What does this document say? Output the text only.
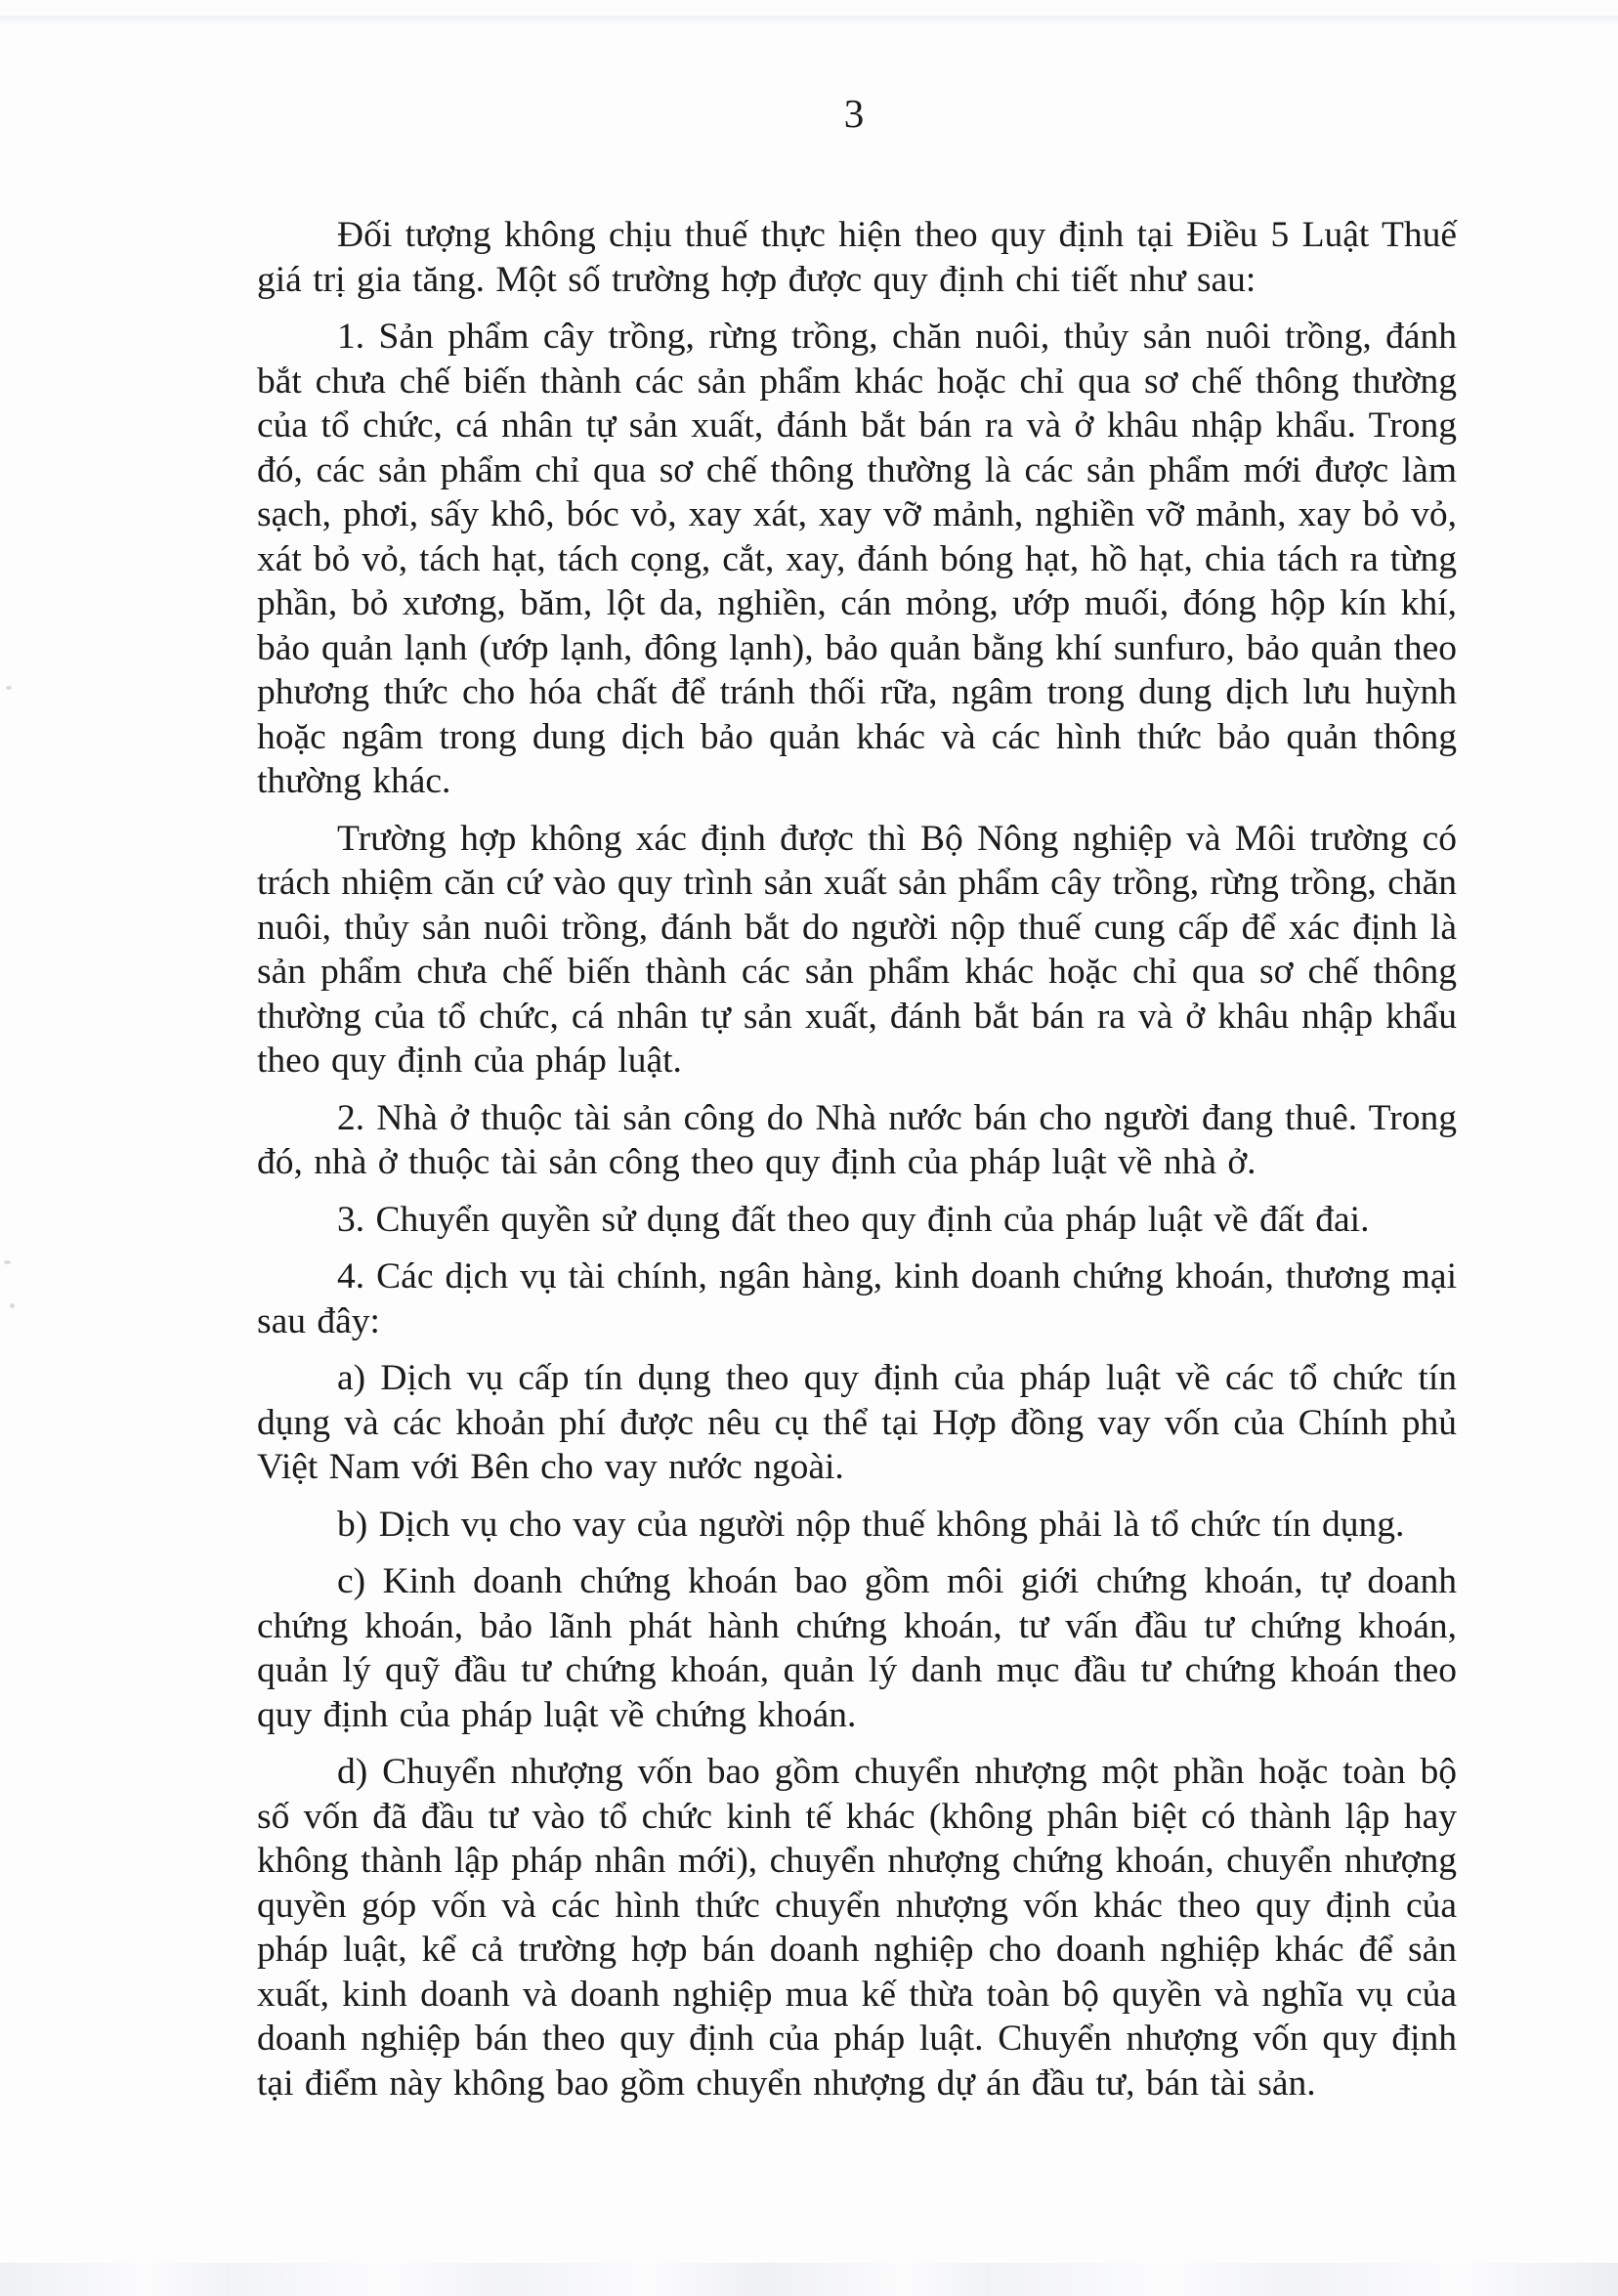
3

Đối tượng không chịu thuế thực hiện theo quy định tại Điều 5 Luật Thuế giá trị gia tăng. Một số trường hợp được quy định chi tiết như sau:

1. Sản phẩm cây trồng, rừng trồng, chăn nuôi, thủy sản nuôi trồng, đánh bắt chưa chế biến thành các sản phẩm khác hoặc chỉ qua sơ chế thông thường của tổ chức, cá nhân tự sản xuất, đánh bắt bán ra và ở khâu nhập khẩu. Trong đó, các sản phẩm chỉ qua sơ chế thông thường là các sản phẩm mới được làm sạch, phơi, sấy khô, bóc vỏ, xay xát, xay vỡ mảnh, nghiền vỡ mảnh, xay bỏ vỏ, xát bỏ vỏ, tách hạt, tách cọng, cắt, xay, đánh bóng hạt, hồ hạt, chia tách ra từng phần, bỏ xương, băm, lột da, nghiền, cán mỏng, ướp muối, đóng hộp kín khí, bảo quản lạnh (ướp lạnh, đông lạnh), bảo quản bằng khí sunfuro, bảo quản theo phương thức cho hóa chất để tránh thối rữa, ngâm trong dung dịch lưu huỳnh hoặc ngâm trong dung dịch bảo quản khác và các hình thức bảo quản thông thường khác.

Trường hợp không xác định được thì Bộ Nông nghiệp và Môi trường có trách nhiệm căn cứ vào quy trình sản xuất sản phẩm cây trồng, rừng trồng, chăn nuôi, thủy sản nuôi trồng, đánh bắt do người nộp thuế cung cấp để xác định là sản phẩm chưa chế biến thành các sản phẩm khác hoặc chỉ qua sơ chế thông thường của tổ chức, cá nhân tự sản xuất, đánh bắt bán ra và ở khâu nhập khẩu theo quy định của pháp luật.

2. Nhà ở thuộc tài sản công do Nhà nước bán cho người đang thuê. Trong đó, nhà ở thuộc tài sản công theo quy định của pháp luật về nhà ở.

3. Chuyển quyền sử dụng đất theo quy định của pháp luật về đất đai.

4. Các dịch vụ tài chính, ngân hàng, kinh doanh chứng khoán, thương mại sau đây:

a) Dịch vụ cấp tín dụng theo quy định của pháp luật về các tổ chức tín dụng và các khoản phí được nêu cụ thể tại Hợp đồng vay vốn của Chính phủ Việt Nam với Bên cho vay nước ngoài.

b) Dịch vụ cho vay của người nộp thuế không phải là tổ chức tín dụng.

c) Kinh doanh chứng khoán bao gồm môi giới chứng khoán, tự doanh chứng khoán, bảo lãnh phát hành chứng khoán, tư vấn đầu tư chứng khoán, quản lý quỹ đầu tư chứng khoán, quản lý danh mục đầu tư chứng khoán theo quy định của pháp luật về chứng khoán.

d) Chuyển nhượng vốn bao gồm chuyển nhượng một phần hoặc toàn bộ số vốn đã đầu tư vào tổ chức kinh tế khác (không phân biệt có thành lập hay không thành lập pháp nhân mới), chuyển nhượng chứng khoán, chuyển nhượng quyền góp vốn và các hình thức chuyển nhượng vốn khác theo quy định của pháp luật, kể cả trường hợp bán doanh nghiệp cho doanh nghiệp khác để sản xuất, kinh doanh và doanh nghiệp mua kế thừa toàn bộ quyền và nghĩa vụ của doanh nghiệp bán theo quy định của pháp luật. Chuyển nhượng vốn quy định tại điểm này không bao gồm chuyển nhượng dự án đầu tư, bán tài sản.
